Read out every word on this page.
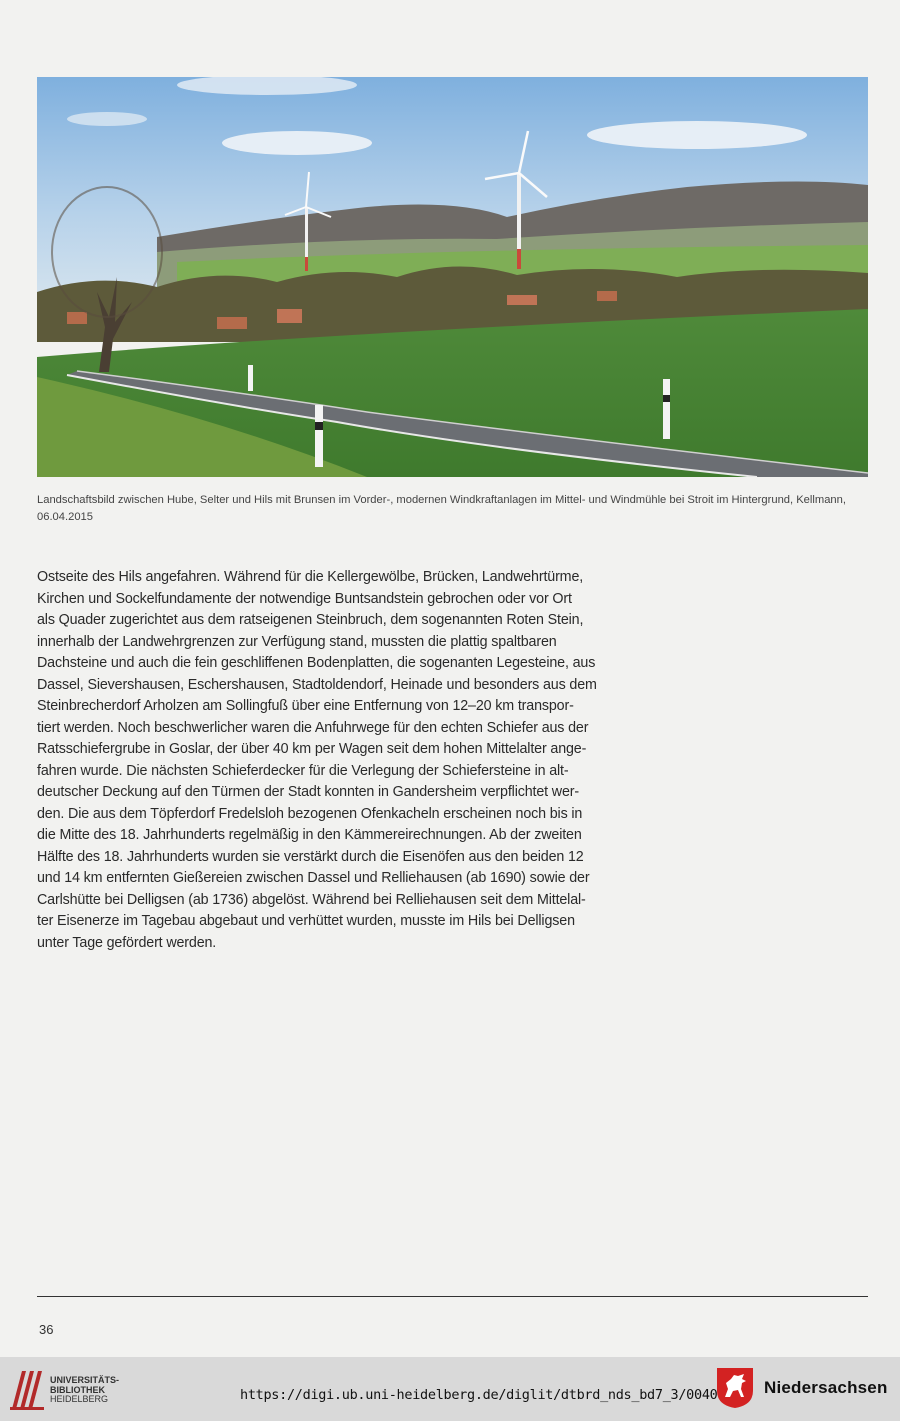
Landschaftsbild zwischen Hube, Selter und Hils mit Brunsen im Vorder-, modernen Windkraftanlagen im Mittel- und Windmühle bei Stroit im Hintergrund, Kellmann, 06.04.2015
Ostseite des Hils angefahren. Während für die Kellergewölbe, Brücken, Landwehrtürme,
Kirchen und Sockelfundamente der notwendige Buntsandstein gebrochen oder vor Ort
als Quader zugerichtet aus dem ratseigenen Steinbruch, dem sogenannten Roten Stein,
innerhalb der Landwehrgrenzen zur Verfügung stand, mussten die plattig spaltbaren
Dachsteine und auch die fein geschliffenen Bodenplatten, die sogenanten Legesteine, aus
Dassel, Sievershausen, Eschershausen, Stadtoldendorf, Heinade und besonders aus dem
Steinbrecherdorf Arholzen am Sollingfuß über eine Entfernung von 12–20 km transpor-
tiert werden. Noch beschwerlicher waren die Anfuhrwege für den echten Schiefer aus der
Ratsschiefergrube in Goslar, der über 40 km per Wagen seit dem hohen Mittelalter ange-
fahren wurde. Die nächsten Schieferdecker für die Verlegung der Schiefersteine in alt-
deutscher Deckung auf den Türmen der Stadt konnten in Gandersheim verpflichtet wer-
den. Die aus dem Töpferdorf Fredelsloh bezogenen Ofenkacheln erscheinen noch bis in
die Mitte des 18. Jahrhunderts regelmäßig in den Kämmereirechnungen. Ab der zweiten
Hälfte des 18. Jahrhunderts wurden sie verstärkt durch die Eisenöfen aus den beiden 12
und 14 km entfernten Gießereien zwischen Dassel und Relliehausen (ab 1690) sowie der
Carlshütte bei Delligsen (ab 1736) abgelöst. Während bei Relliehausen seit dem Mittelal-
ter Eisenerze im Tagebau abgebaut und verhüttet wurden, musste im Hils bei Delligsen
unter Tage gefördert werden.
36
UNIVERSITÄTS-
BIBLIOTHEK
HEIDELBERG	https://digi.ub.uni-heidelberg.de/diglit/dtbrd_nds_bd7_3/0040	Niedersachsen
